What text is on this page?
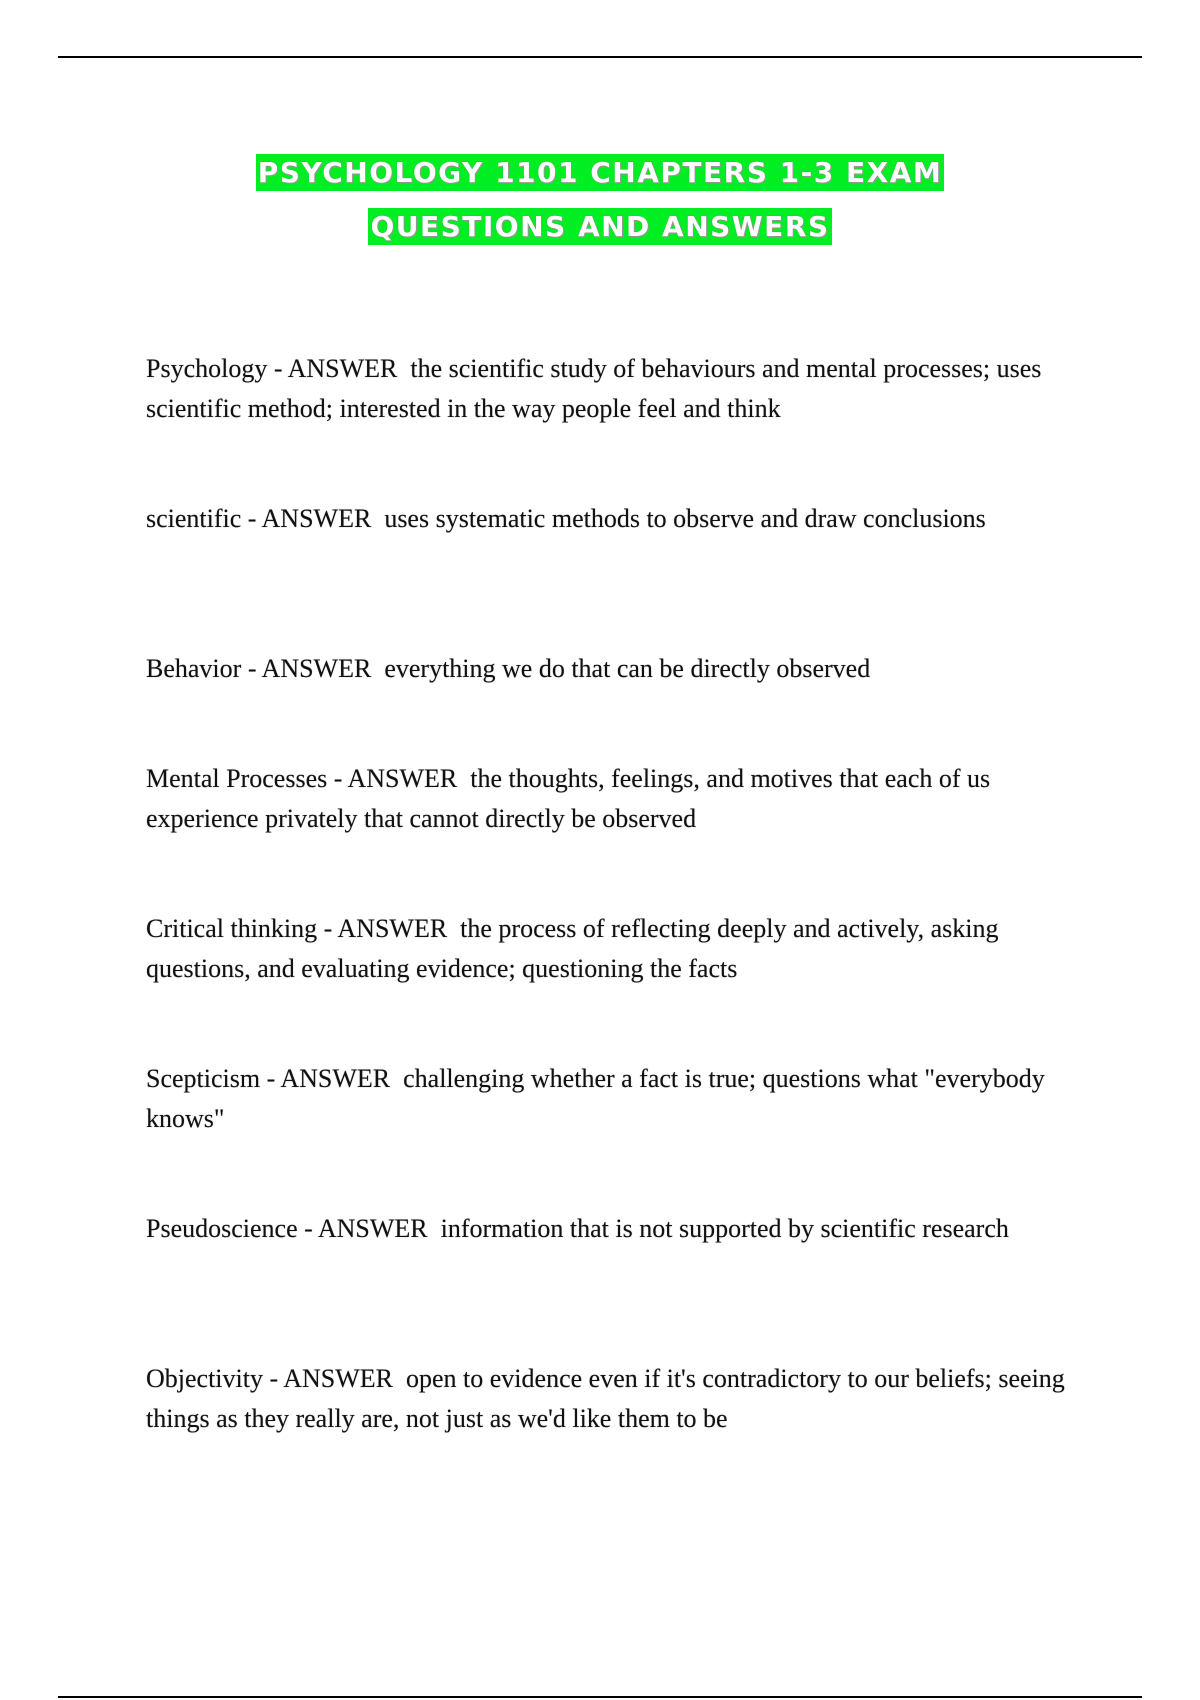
PSYCHOLOGY 1101 CHAPTERS 1-3 EXAM
QUESTIONS AND ANSWERS

Psychology - ANSWER the scientific study of behaviours and mental processes; uses scientific method; interested in the way people feel and think

scientific - ANSWER uses systematic methods to observe and draw conclusions

Behavior - ANSWER everything we do that can be directly observed

Mental Processes - ANSWER the thoughts, feelings, and motives that each of us experience privately that cannot directly be observed

Critical thinking - ANSWER the process of reflecting deeply and actively, asking questions, and evaluating evidence; questioning the facts

Scepticism - ANSWER challenging whether a fact is true; questions what "everybody knows"

Pseudoscience - ANSWER information that is not supported by scientific research

Objectivity - ANSWER open to evidence even if it's contradictory to our beliefs; seeing things as they really are, not just as we'd like them to be
